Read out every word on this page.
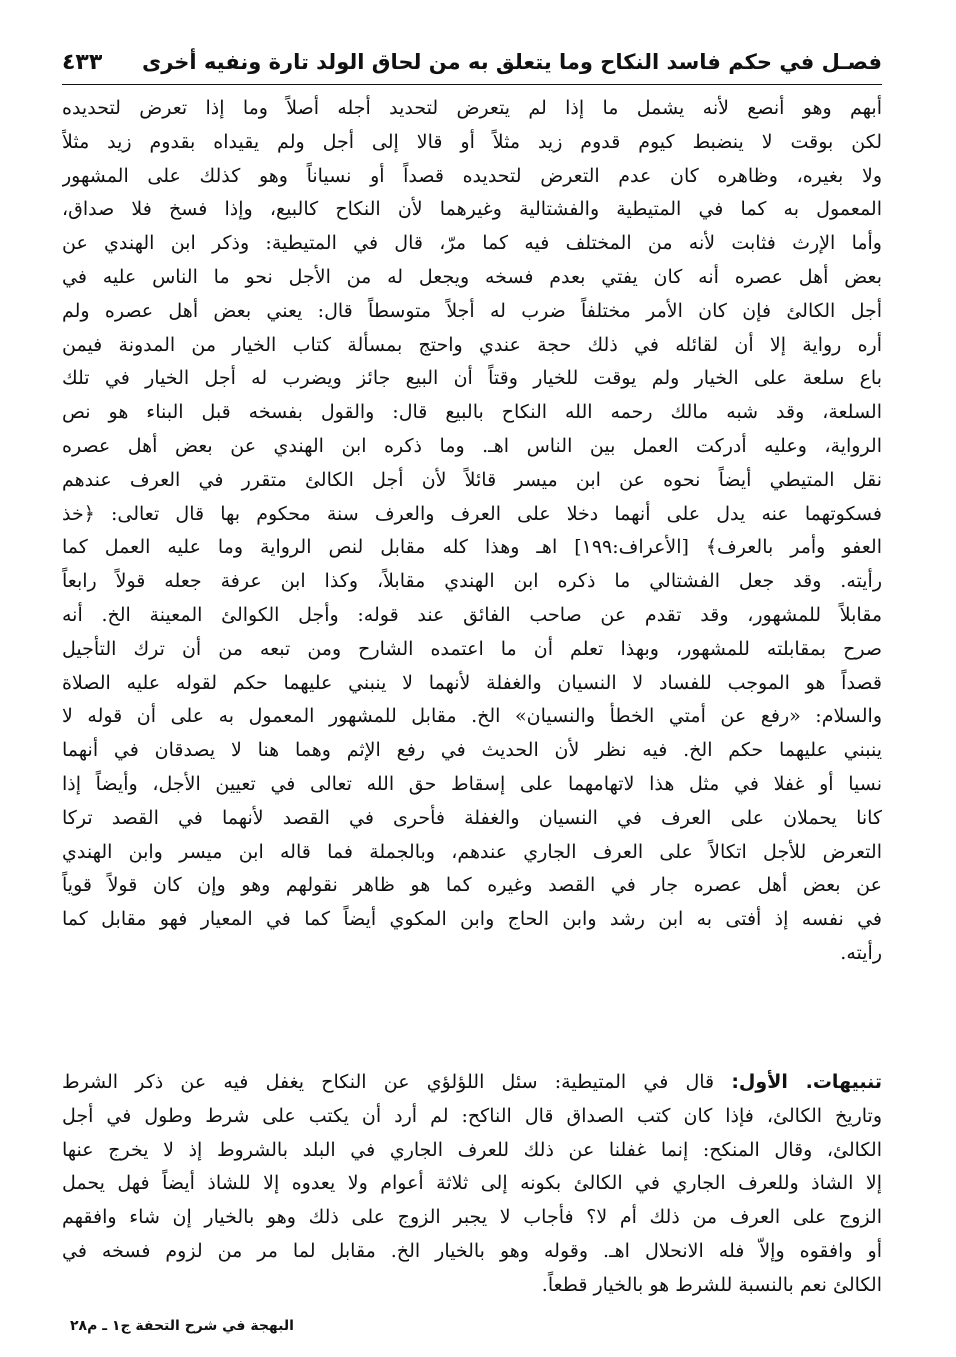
فصـل في حكم فاسد النكاح وما يتعلق به من لحاق الولد تارة ونفيه أخرى
٤٣٣
أبهم وهو أنصع لأنه يشمل ما إذا لم يتعرض لتحديد أجله أصلاً وما إذا تعرض لتحديده
لكن بوقت لا ينضبط كيوم قدوم زيد مثلاً أو قالا إلى أجل ولم يقيداه بقدوم زيد مثلاً
ولا بغيره، وظاهره كان عدم التعرض لتحديده قصداً أو نسياناً وهو كذلك على المشهور
المعمول به كما في المتيطية والفشتالية وغيرهما لأن النكاح كالبيع، وإذا فسخ فلا صداق،
وأما الإرث فثابت لأنه من المختلف فيه كما مرّ، قال في المتيطية: وذكر ابن الهندي عن
بعض أهل عصره أنه كان يفتي بعدم فسخه ويجعل له من الأجل نحو ما الناس عليه في
أجل الكالئ فإن كان الأمر مختلفاً ضرب له أجلاً متوسطاً قال: يعني بعض أهل عصره ولم
أره رواية إلا أن لقائله في ذلك حجة عندي واحتج بمسألة كتاب الخيار من المدونة فيمن
باع سلعة على الخيار ولم يوقت للخيار وقتاً أن البيع جائز ويضرب له أجل الخيار في تلك
السلعة، وقد شبه مالك رحمه الله النكاح بالبيع قال: والقول بفسخه قبل البناء هو نص
الرواية، وعليه أدركت العمل بين الناس اهـ. وما ذكره ابن الهندي عن بعض أهل عصره
نقل المتيطي أيضاً نحوه عن ابن ميسر قائلاً لأن أجل الكالئ متقرر في العرف عندهم
فسكوتهما عنه يدل على أنهما دخلا على العرف والعرف سنة محكوم بها قال تعالى: ﴿خذ
العفو وأمر بالعرف﴾ [الأعراف:١٩٩] اهـ وهذا كله مقابل لنص الرواية وما عليه العمل كما
رأيته. وقد جعل الفشتالي ما ذكره ابن الهندي مقابلاً، وكذا ابن عرفة جعله قولاً رابعاً
مقابلاً للمشهور، وقد تقدم عن صاحب الفائق عند قوله: وأجل الكوالئ المعينة الخ. أنه
صرح بمقابلته للمشهور، وبهذا تعلم أن ما اعتمده الشارح ومن تبعه من أن ترك التأجيل
قصداً هو الموجب للفساد لا النسيان والغفلة لأنهما لا ينبني عليهما حكم لقوله عليه الصلاة
والسلام: «رفع عن أمتي الخطأ والنسيان» الخ. مقابل للمشهور المعمول به على أن قوله لا
ينبني عليهما حكم الخ. فيه نظر لأن الحديث في رفع الإثم وهما هنا لا يصدقان في أنهما
نسيا أو غفلا في مثل هذا لاتهامهما على إسقاط حق الله تعالى في تعيين الأجل، وأيضاً إذا
كانا يحملان على العرف في النسيان والغفلة فأحرى في القصد لأنهما في القصد تركا
التعرض للأجل اتكالاً على العرف الجاري عندهم، وبالجملة فما قاله ابن ميسر وابن الهندي
عن بعض أهل عصره جار في القصد وغيره كما هو ظاهر نقولهم وهو وإن كان قولاً قوياً
في نفسه إذ أفتى به ابن رشد وابن الحاج وابن المكوي أيضاً كما في المعيار فهو مقابل كما
رأيته.
تنبيهات. الأول: قال في المتيطية: سئل اللؤلؤي عن النكاح يغفل فيه عن ذكر الشرط
وتاريخ الكالئ، فإذا كان كتب الصداق قال الناكح: لم أرد أن يكتب على شرط وطول في أجل
الكالئ، وقال المنكح: إنما غفلنا عن ذلك للعرف الجاري في البلد بالشروط إذ لا يخرج عنها
إلا الشاذ وللعرف الجاري في الكالئ بكونه إلى ثلاثة أعوام ولا يعدوه إلا للشاذ أيضاً فهل يحمل
الزوج على العرف من ذلك أم لا؟ فأجاب لا يجبر الزوج على ذلك وهو بالخيار إن شاء وافقهم
أو وافقوه وإلاّ فله الانحلال اهـ. وقوله وهو بالخيار الخ. مقابل لما مر من لزوم فسخه في
الكالئ نعم بالنسبة للشرط هو بالخيار قطعاً.
البهجة في شرح التحفة ج١ ـ م٢٨
